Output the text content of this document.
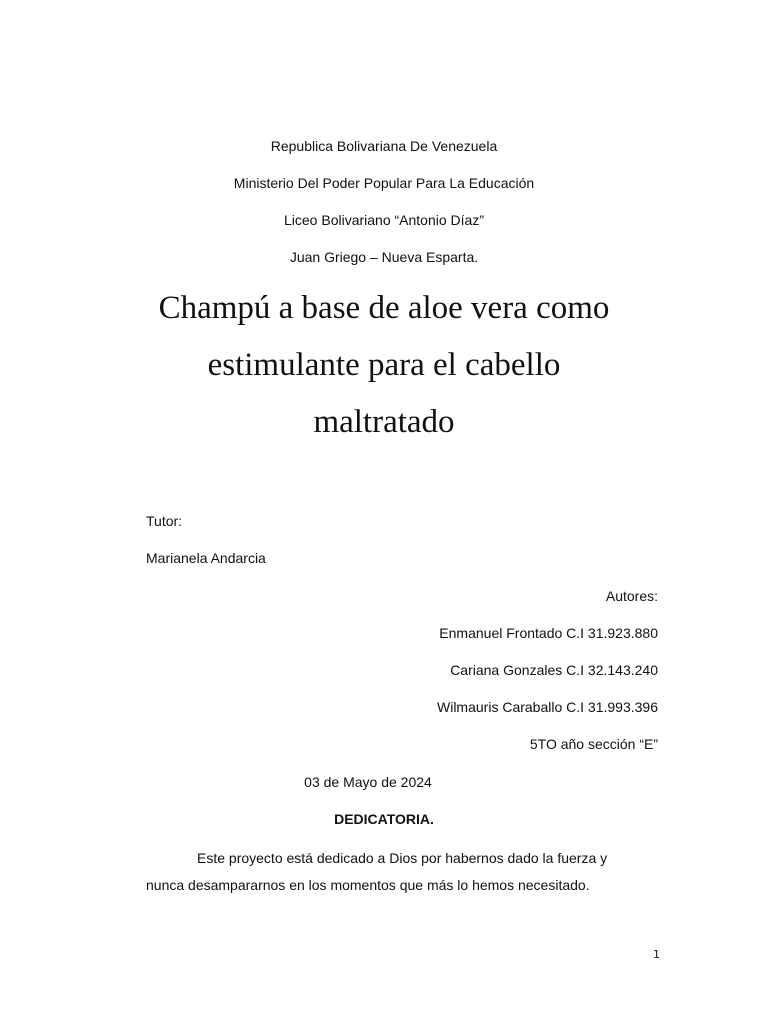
Republica Bolivariana De Venezuela
Ministerio Del Poder Popular Para La Educación
Liceo Bolivariano “Antonio Díaz”
Juan Griego – Nueva Esparta.
Champú a base de aloe vera como
estimulante para el cabello
maltratado
Tutor:
Marianela Andarcia
Autores:
Enmanuel Frontado C.I 31.923.880
Cariana Gonzales C.I 32.143.240
Wilmauris Caraballo C.I 31.993.396
5TO año sección “E”
03 de Mayo de 2024
DEDICATORIA.
Este proyecto está dedicado a Dios por habernos dado la fuerza y
nunca desampararnos en los momentos que más lo hemos necesitado.
1
